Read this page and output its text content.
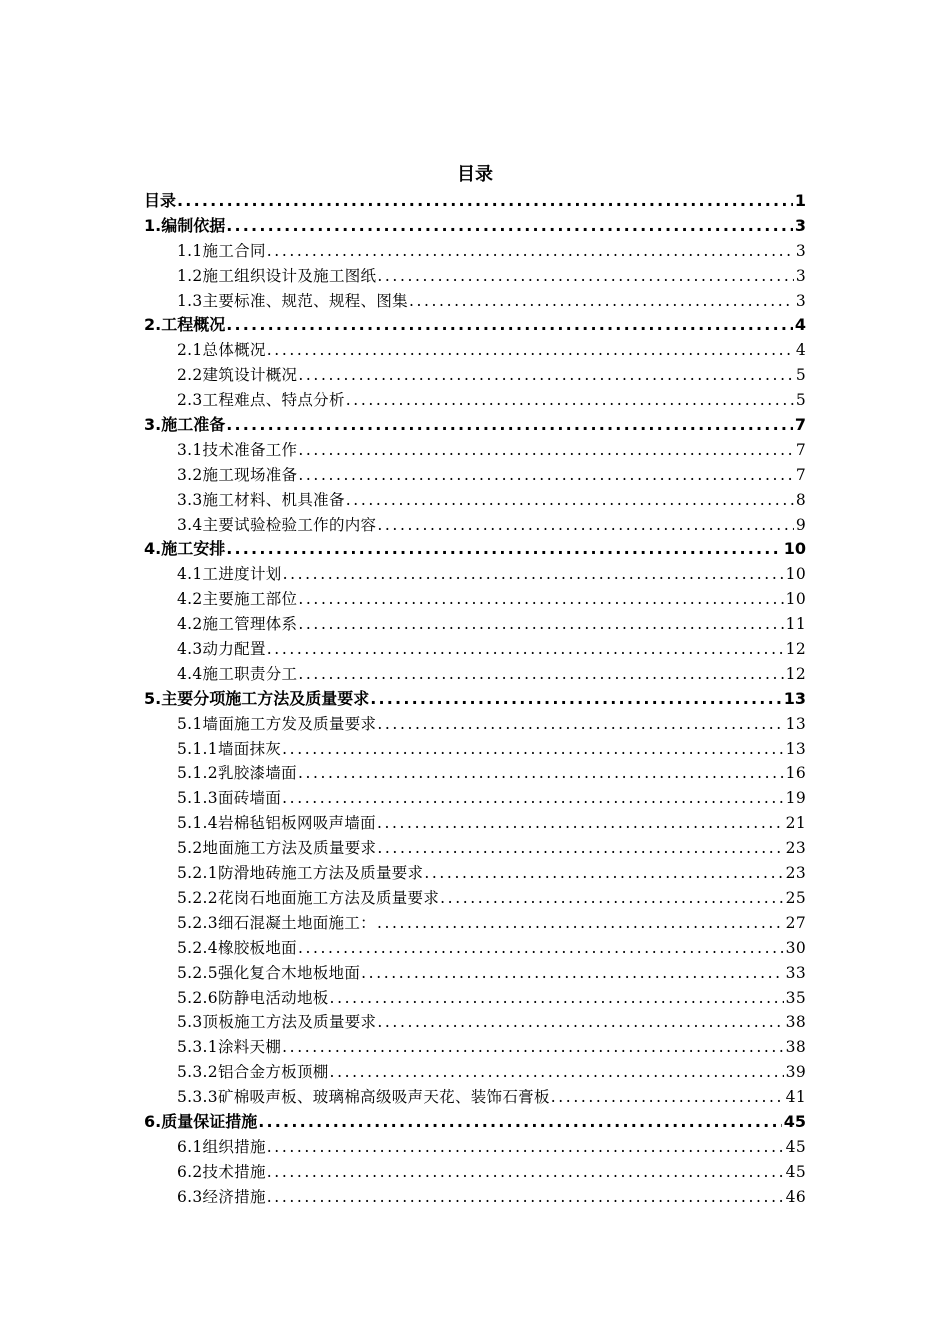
目录
目录 .....	1
1.编制依据 .....	3
1.1施工合同 .....	3
1.2施工组织设计及施工图纸 .....	3
1.3主要标准、规范、规程、图集 .....	3
2.工程概况 .....	4
2.1总体概况 .....	4
2.2建筑设计概况 .....	5
2.3工程难点、特点分析 .....	5
3.施工准备 .....	7
3.1技术准备工作 .....	7
3.2施工现场准备 .....	7
3.3施工材料、机具准备 .....	8
3.4主要试验检验工作的内容 .....	9
4.施工安排 .....	10
4.1工进度计划 .....	10
4.2主要施工部位 .....	10
4.2施工管理体系 .....	11
4.3动力配置 .....	12
4.4施工职责分工 .....	12
5.主要分项施工方法及质量要求 .....	13
5.1墙面施工方发及质量要求 .....	13
5.1.1墙面抹灰 .....	13
5.1.2乳胶漆墙面 .....	16
5.1.3面砖墙面 .....	19
5.1.4岩棉毡铝板网吸声墙面 .....	21
5.2地面施工方法及质量要求 .....	23
5.2.1防滑地砖施工方法及质量要求 .....	23
5.2.2花岗石地面施工方法及质量要求 .....	25
5.2.3细石混凝土地面施工： .....	27
5.2.4橡胶板地面 .....	30
5.2.5强化复合木地板地面 .....	33
5.2.6防静电活动地板 .....	35
5.3顶板施工方法及质量要求 .....	38
5.3.1涂料天棚 .....	38
5.3.2铝合金方板顶棚 .....	39
5.3.3矿棉吸声板、玻璃棉高级吸声天花、装饰石膏板 .....	41
6.质量保证措施 .....	45
6.1组织措施 .....	45
6.2技术措施 .....	45
6.3经济措施 .....	46
